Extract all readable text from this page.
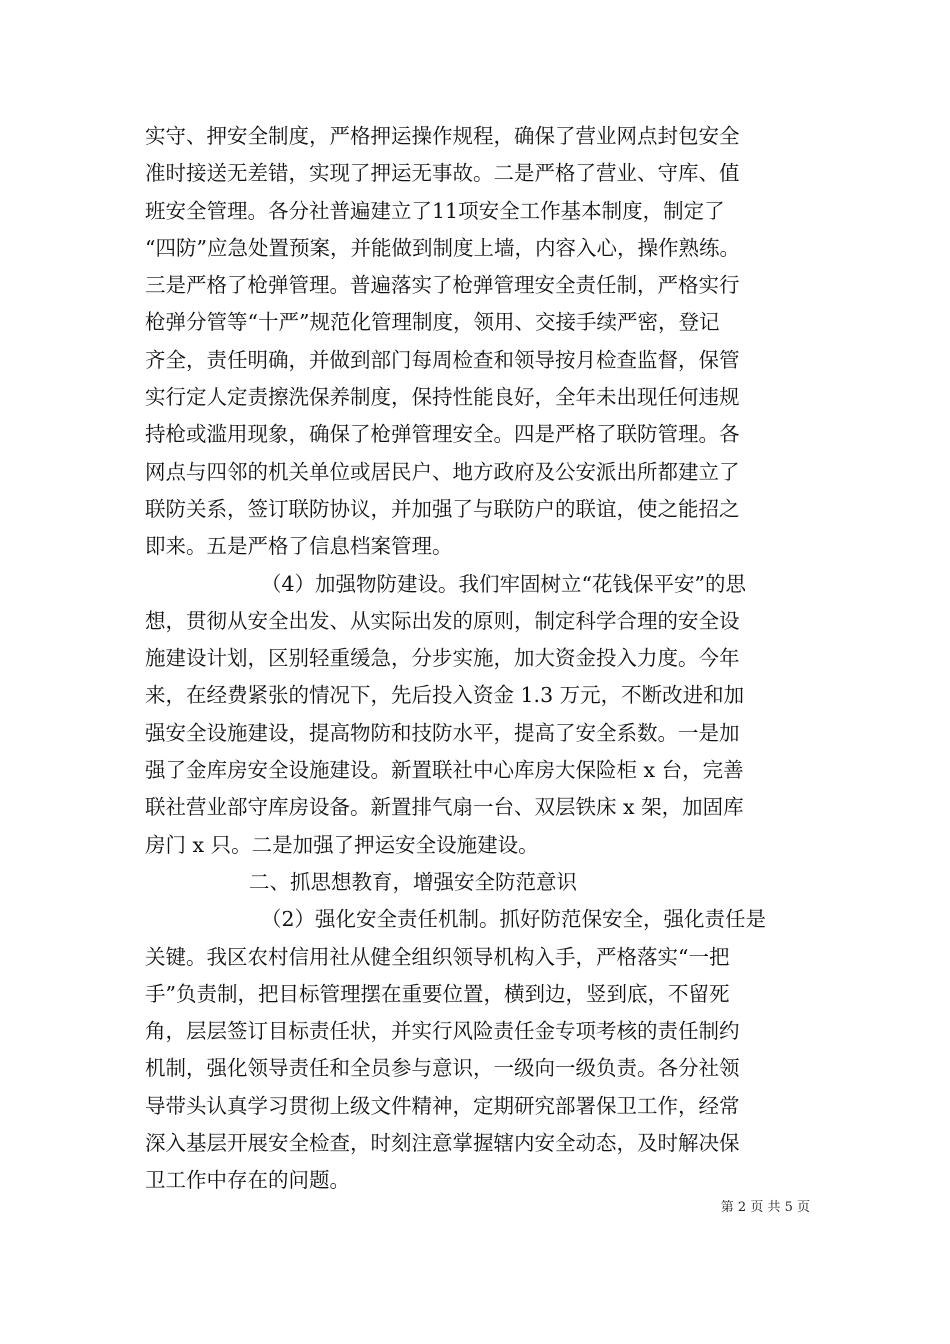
实守、押安全制度，严格押运操作规程，确保了营业网点封包安全
准时接送无差错，实现了押运无事故。二是严格了营业、守库、值
班安全管理。各分社普遍建立了11项安全工作基本制度，制定了
“四防”应急处置预案，并能做到制度上墙，内容入心，操作熟练。
三是严格了枪弹管理。普遍落实了枪弹管理安全责任制，严格实行
枪弹分管等“十严”规范化管理制度，领用、交接手续严密，登记
齐全，责任明确，并做到部门每周检查和领导按月检查监督，保管
实行定人定责擦洗保养制度，保持性能良好，全年未出现任何违规
持枪或滥用现象，确保了枪弹管理安全。四是严格了联防管理。各
网点与四邻的机关单位或居民户、地方政府及公安派出所都建立了
联防关系，签订联防协议，并加强了与联防户的联谊，使之能招之
即来。五是严格了信息档案管理。
（4）加强物防建设。我们牢固树立“花钱保平安”的思
想，贯彻从安全出发、从实际出发的原则，制定科学合理的安全设
施建设计划，区别轻重缓急，分步实施，加大资金投入力度。今年
来，在经费紧张的情况下，先后投入资金 1.3 万元，不断改进和加
强安全设施建设，提高物防和技防水平，提高了安全系数。一是加
强了金库房安全设施建设。新置联社中心库房大保险柜 x 台，完善
联社营业部守库房设备。新置排气扇一台、双层铁床 x 架，加固库
房门 x 只。二是加强了押运安全设施建设。
二、抓思想教育，增强安全防范意识
（2）强化安全责任机制。抓好防范保安全，强化责任是
关键。我区农村信用社从健全组织领导机构入手，严格落实“一把
手”负责制，把目标管理摆在重要位置，横到边，竖到底，不留死
角，层层签订目标责任状，并实行风险责任金专项考核的责任制约
机制，强化领导责任和全员参与意识，一级向一级负责。各分社领
导带头认真学习贯彻上级文件精神，定期研究部署保卫工作，经常
深入基层开展安全检查，时刻注意掌握辖内安全动态，及时解决保
卫工作中存在的问题。
第 2 页 共 5 页
